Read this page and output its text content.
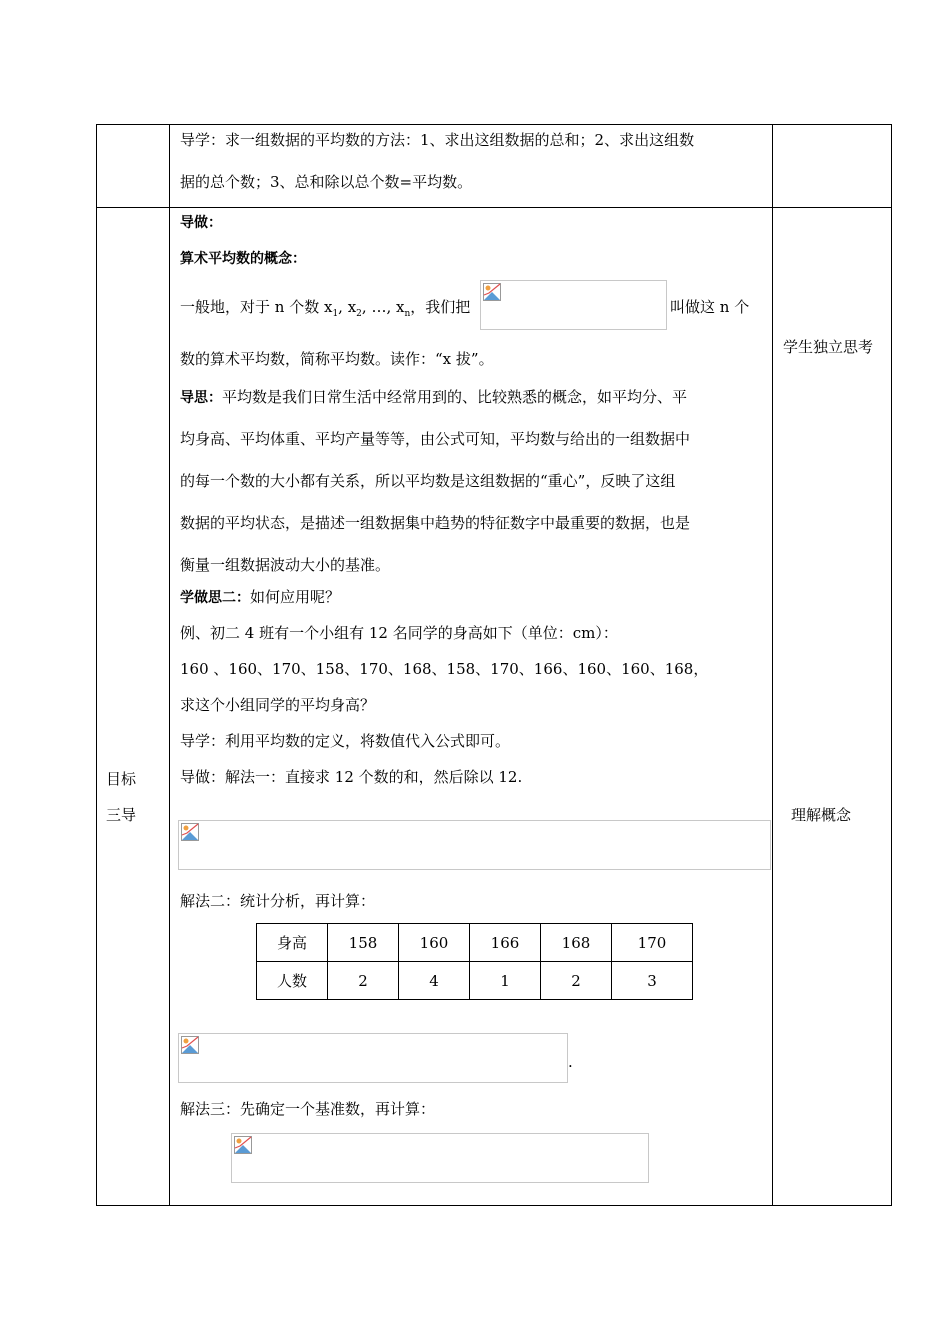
导学：求一组数据的平均数的方法：1、求出这组数据的总和；2、求出这组数
据的总个数；3、总和除以总个数=平均数。

目标
三导

导做：
算术平均数的概念：
一般地，对于 n 个数 $x_1$, $x_2$, …, $x_n$，我们把	叫做这 n 个
数的算术平均数，简称平均数。读作：“x 拔”。
导思：平均数是我们日常生活中经常用到的、比较熟悉的概念，如平均分、平
均身高、平均体重、平均产量等等，由公式可知，平均数与给出的一组数据中
的每一个数的大小都有关系，所以平均数是这组数据的“重心”，反映了这组
数据的平均状态，是描述一组数据集中趋势的特征数字中最重要的数据，也是
衡量一组数据波动大小的基准。
学做思二：如何应用呢？
例、初二 4 班有一个小组有 12 名同学的身高如下（单位：cm）：
160 、160、170、158、170、168、158、170、166、160、160、168，
求这个小组同学的平均身高？
导学：利用平均数的定义，将数值代入公式即可。
导做：解法一：直接求 12 个数的和，然后除以 12.
解法二：统计分析，再计算：
身高	158	160	166	168	170
人数	2	4	1	2	3
.
解法三：先确定一个基准数，再计算：

学生独立思考
理解概念
